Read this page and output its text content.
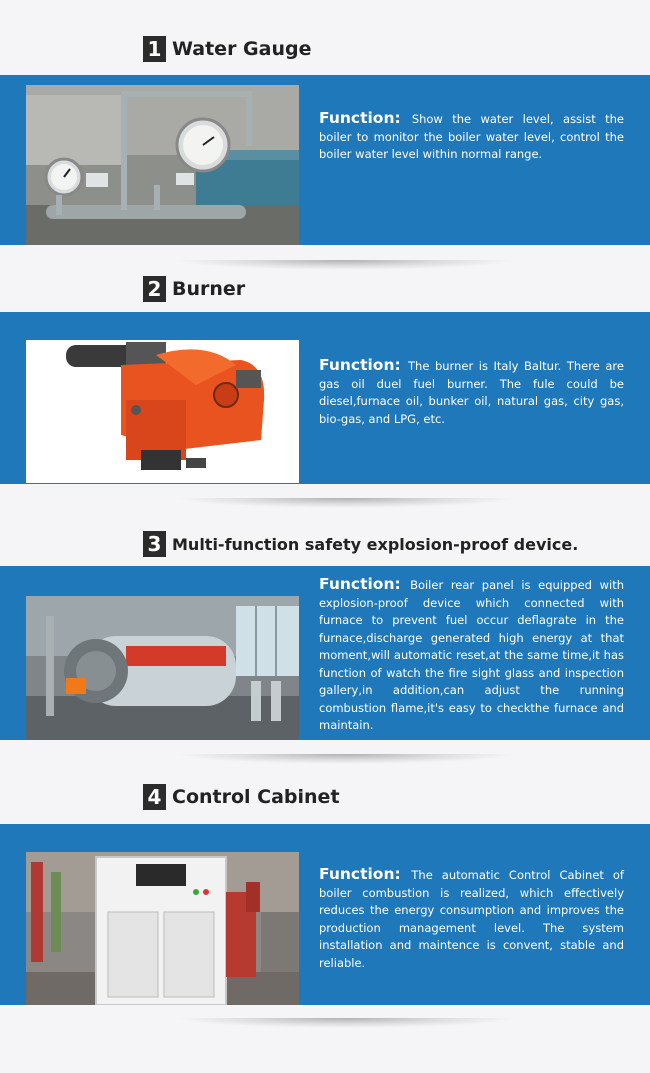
1 Water Gauge
Function: Show the water level, assist the boiler to monitor the boiler water level, control the boiler water level within normal range.
2 Burner
Function: The burner is Italy Baltur. There are gas oil duel fuel burner. The fule could be diesel,furnace oil, bunker oil, natural gas, city gas, bio-gas, and LPG, etc.
3 Multi-function safety explosion-proof device.
Function: Boiler rear panel is equipped with explosion-proof device which connected with furnace to prevent fuel occur deflagrate in the furnace,discharge generated high energy at that moment,will automatic reset,at the same time,it has function of watch the fire sight glass and inspection gallery,in addition,can adjust the running combustion flame,it's easy to checkthe furnace and maintain.
4 Control Cabinet
Function: The automatic Control Cabinet of boiler combustion is realized, which effectively reduces the energy consumption and improves the production management level. The system installation and maintence is convent, stable and reliable.
